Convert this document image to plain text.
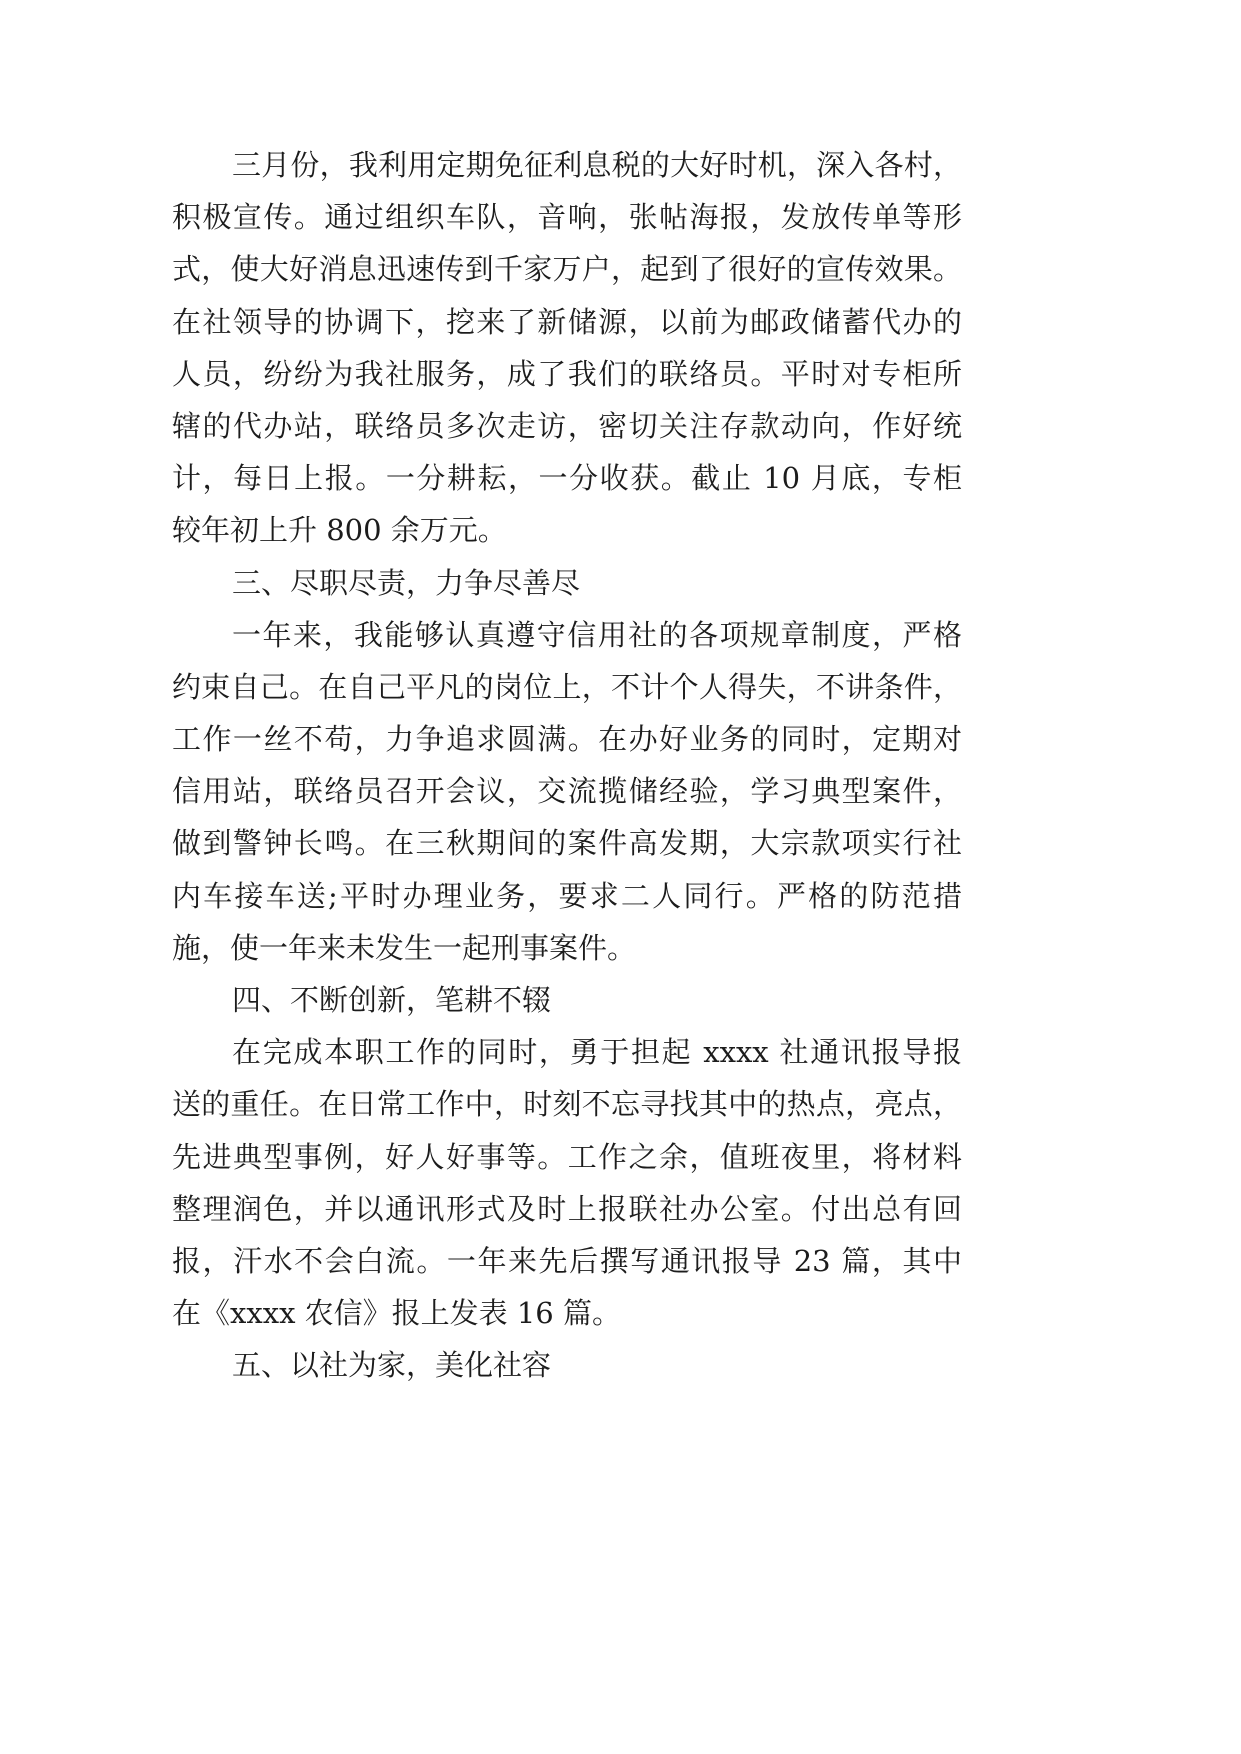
三月份，我利用定期免征利息税的大好时机，深入各村，
积极宣传。通过组织车队，音响，张帖海报，发放传单等形
式，使大好消息迅速传到千家万户，起到了很好的宣传效果。
在社领导的协调下，挖来了新储源，以前为邮政储蓄代办的
人员，纷纷为我社服务，成了我们的联络员。平时对专柜所
辖的代办站，联络员多次走访，密切关注存款动向，作好统
计，每日上报。一分耕耘，一分收获。截止 10 月底，专柜
较年初上升 800 余万元。
三、尽职尽责，力争尽善尽
一年来，我能够认真遵守信用社的各项规章制度，严格
约束自己。在自己平凡的岗位上，不计个人得失，不讲条件，
工作一丝不苟，力争追求圆满。在办好业务的同时，定期对
信用站，联络员召开会议，交流揽储经验，学习典型案件，
做到警钟长鸣。在三秋期间的案件高发期，大宗款项实行社
内车接车送;平时办理业务，要求二人同行。严格的防范措
施，使一年来未发生一起刑事案件。
四、不断创新，笔耕不辍
在完成本职工作的同时，勇于担起 xxxx 社通讯报导报
送的重任。在日常工作中，时刻不忘寻找其中的热点，亮点，
先进典型事例，好人好事等。工作之余，值班夜里，将材料
整理润色，并以通讯形式及时上报联社办公室。付出总有回
报，汗水不会白流。一年来先后撰写通讯报导 23 篇，其中
在《xxxx 农信》报上发表 16 篇。
五、以社为家，美化社容
